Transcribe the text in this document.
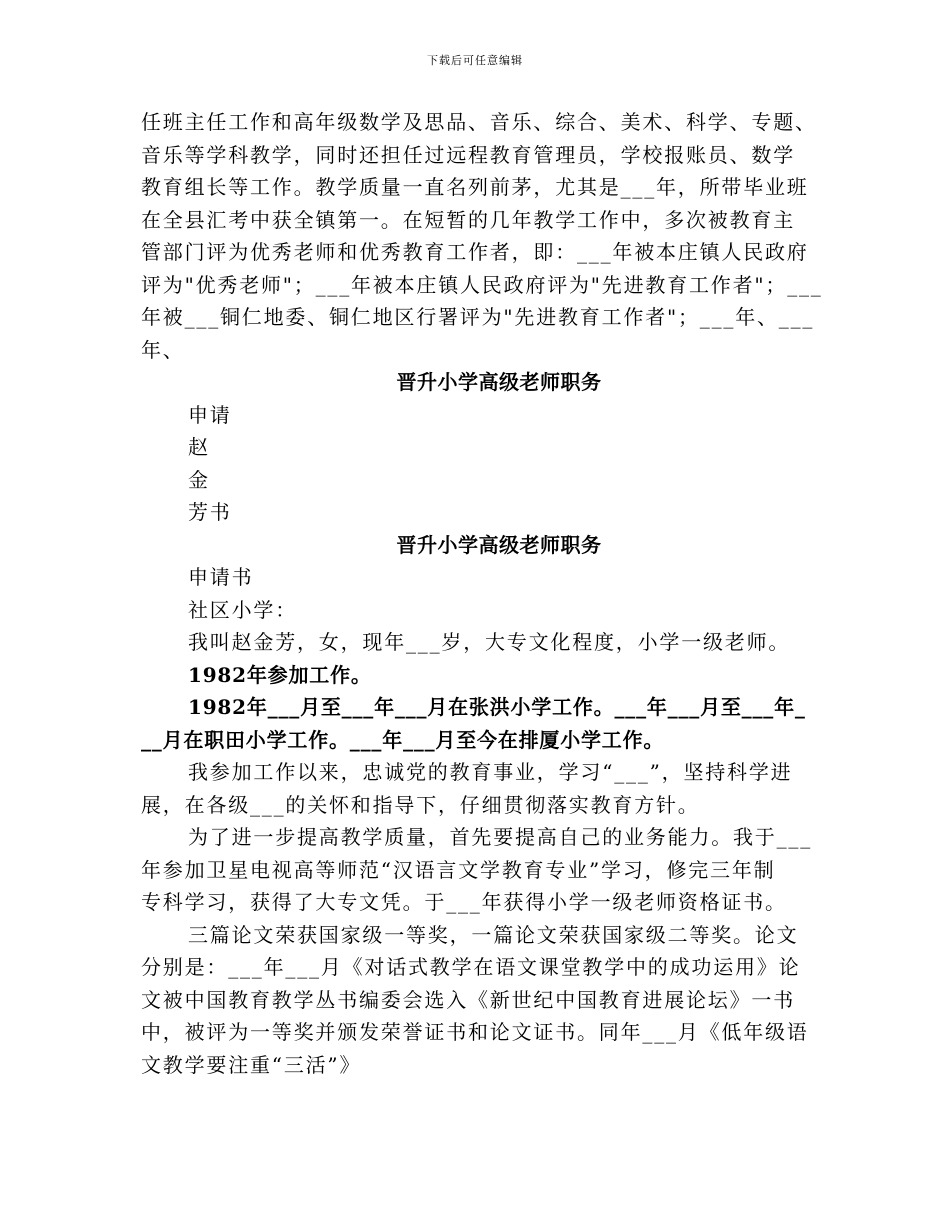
下载后可任意编辑
任班主任工作和高年级数学及思品、音乐、综合、美术、科学、专题、
音乐等学科教学，同时还担任过远程教育管理员，学校报账员、数学
教育组长等工作。教学质量一直名列前茅，尤其是___年，所带毕业班
在全县汇考中获全镇第一。在短暂的几年教学工作中，多次被教育主
管部门评为优秀老师和优秀教育工作者，即：___年被本庄镇人民政府
评为"优秀老师"；___年被本庄镇人民政府评为"先进教育工作者"；___
年被___铜仁地委、铜仁地区行署评为"先进教育工作者"；___年、___
年、
晋升小学高级老师职务
申请
赵
金
芳书
晋升小学高级老师职务
申请书
社区小学：
我叫赵金芳，女，现年___岁，大专文化程度，小学一级老师。
1982年参加工作。
1982年___月至___年___月在张洪小学工作。___年___月至___年_
__月在职田小学工作。___年___月至今在排厦小学工作。
我参加工作以来，忠诚党的教育事业，学习“___”，坚持科学进
展，在各级___的关怀和指导下，仔细贯彻落实教育方针。
为了进一步提高教学质量，首先要提高自己的业务能力。我于___
年参加卫星电视高等师范“汉语言文学教育专业”学习，修完三年制
专科学习，获得了大专文凭。于___年获得小学一级老师资格证书。
三篇论文荣获国家级一等奖，一篇论文荣获国家级二等奖。论文
分别是：___年___月《对话式教学在语文课堂教学中的成功运用》论
文被中国教育教学丛书编委会选入《新世纪中国教育进展论坛》一书
中，被评为一等奖并颁发荣誉证书和论文证书。同年___月《低年级语
文教学要注重“三活”》
